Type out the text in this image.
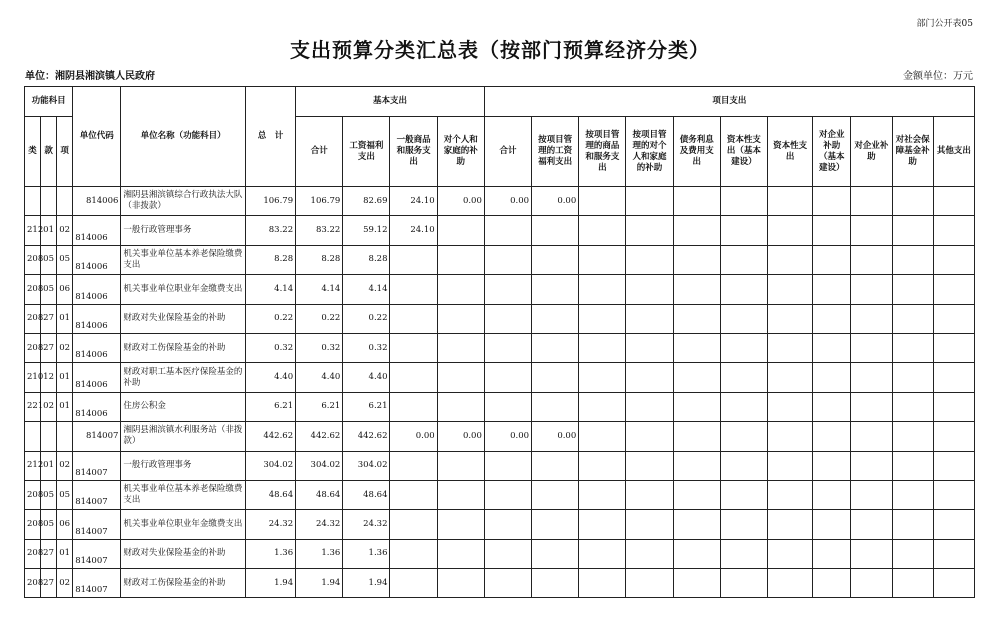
部门公开表05
支出预算分类汇总表（按部门预算经济分类）
单位：湘阴县湘滨镇人民政府	金额单位：万元
功能科目			单位代码	单位名称（功能科目）	总　计	基本支出				项目支出										
类	款	项				合计	工资福利支出	一般商品和服务支出	对个人和家庭的补助	合计	按项目管理的工资福利支出	按项目管理的商品和服务支出	按项目管理的对个人和家庭的补助	债务利息及费用支出	资本性支出（基本建设）	资本性支出	对企业补助（基本建设）	对企业补助	对社会保障基金补助	其他支出
			814006	湘阴县湘滨镇综合行政执法大队（非拨款）	106.79	106.79	82.69	24.10	0.00	0.00	0.00									
212	01	02	814006	一般行政管理事务	83.22	83.22	59.12	24.10												
208	05	05	814006	机关事业单位基本养老保险缴费支出	8.28	8.28	8.28													
208	05	06	814006	机关事业单位职业年金缴费支出	4.14	4.14	4.14													
208	27	01	814006	财政对失业保险基金的补助	0.22	0.22	0.22													
208	27	02	814006	财政对工伤保险基金的补助	0.32	0.32	0.32													
210	12	01	814006	财政对职工基本医疗保险基金的补助	4.40	4.40	4.40													
221	02	01	814006	住房公积金	6.21	6.21	6.21													
			814007	湘阴县湘滨镇水利服务站（非拨款）	442.62	442.62	442.62	0.00	0.00	0.00	0.00									
212	01	02	814007	一般行政管理事务	304.02	304.02	304.02													
208	05	05	814007	机关事业单位基本养老保险缴费支出	48.64	48.64	48.64													
208	05	06	814007	机关事业单位职业年金缴费支出	24.32	24.32	24.32													
208	27	01	814007	财政对失业保险基金的补助	1.36	1.36	1.36													
208	27	02	814007	财政对工伤保险基金的补助	1.94	1.94	1.94													
